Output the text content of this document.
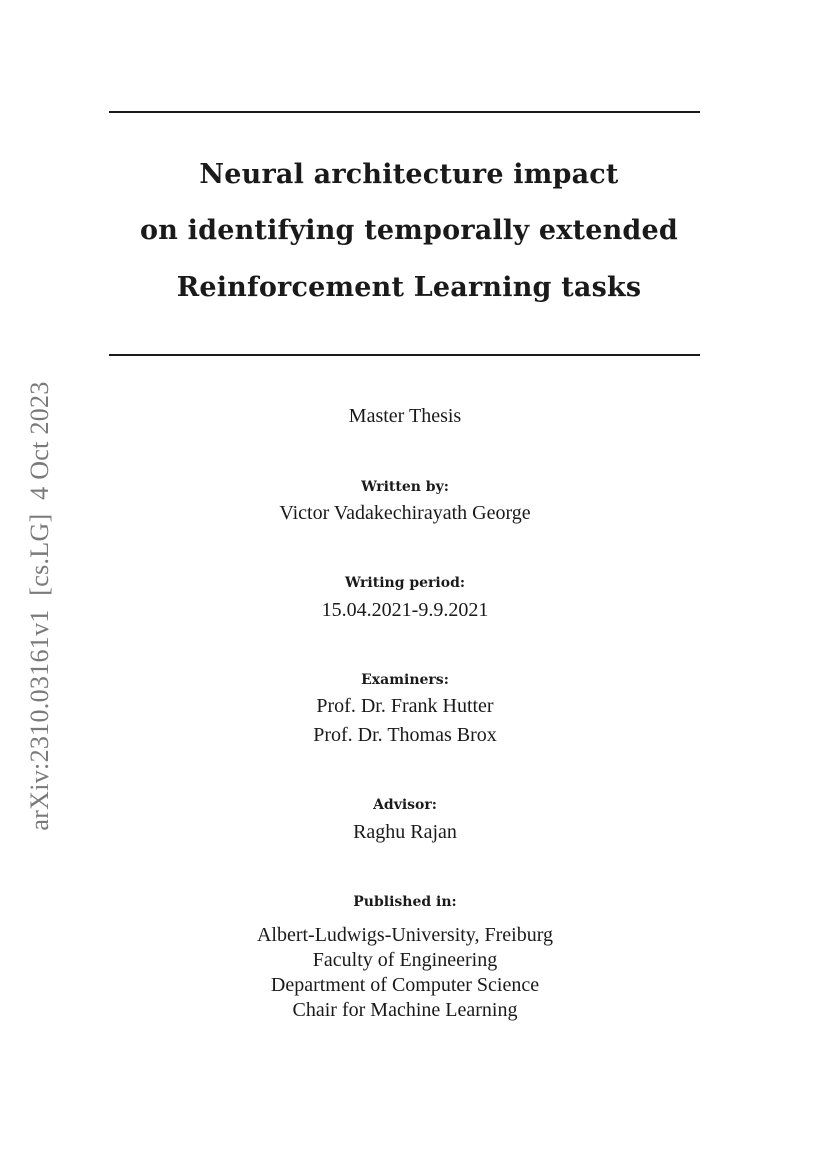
arXiv:2310.03161v1  [cs.LG]  4 Oct 2023
Neural architecture impact
on identifying temporally extended
Reinforcement Learning tasks
Master Thesis
Written by:
Victor Vadakechirayath George
Writing period:
15.04.2021-9.9.2021
Examiners:
Prof. Dr. Frank Hutter
Prof. Dr. Thomas Brox
Advisor:
Raghu Rajan
Published in:
Albert-Ludwigs-University, Freiburg
Faculty of Engineering
Department of Computer Science
Chair for Machine Learning
